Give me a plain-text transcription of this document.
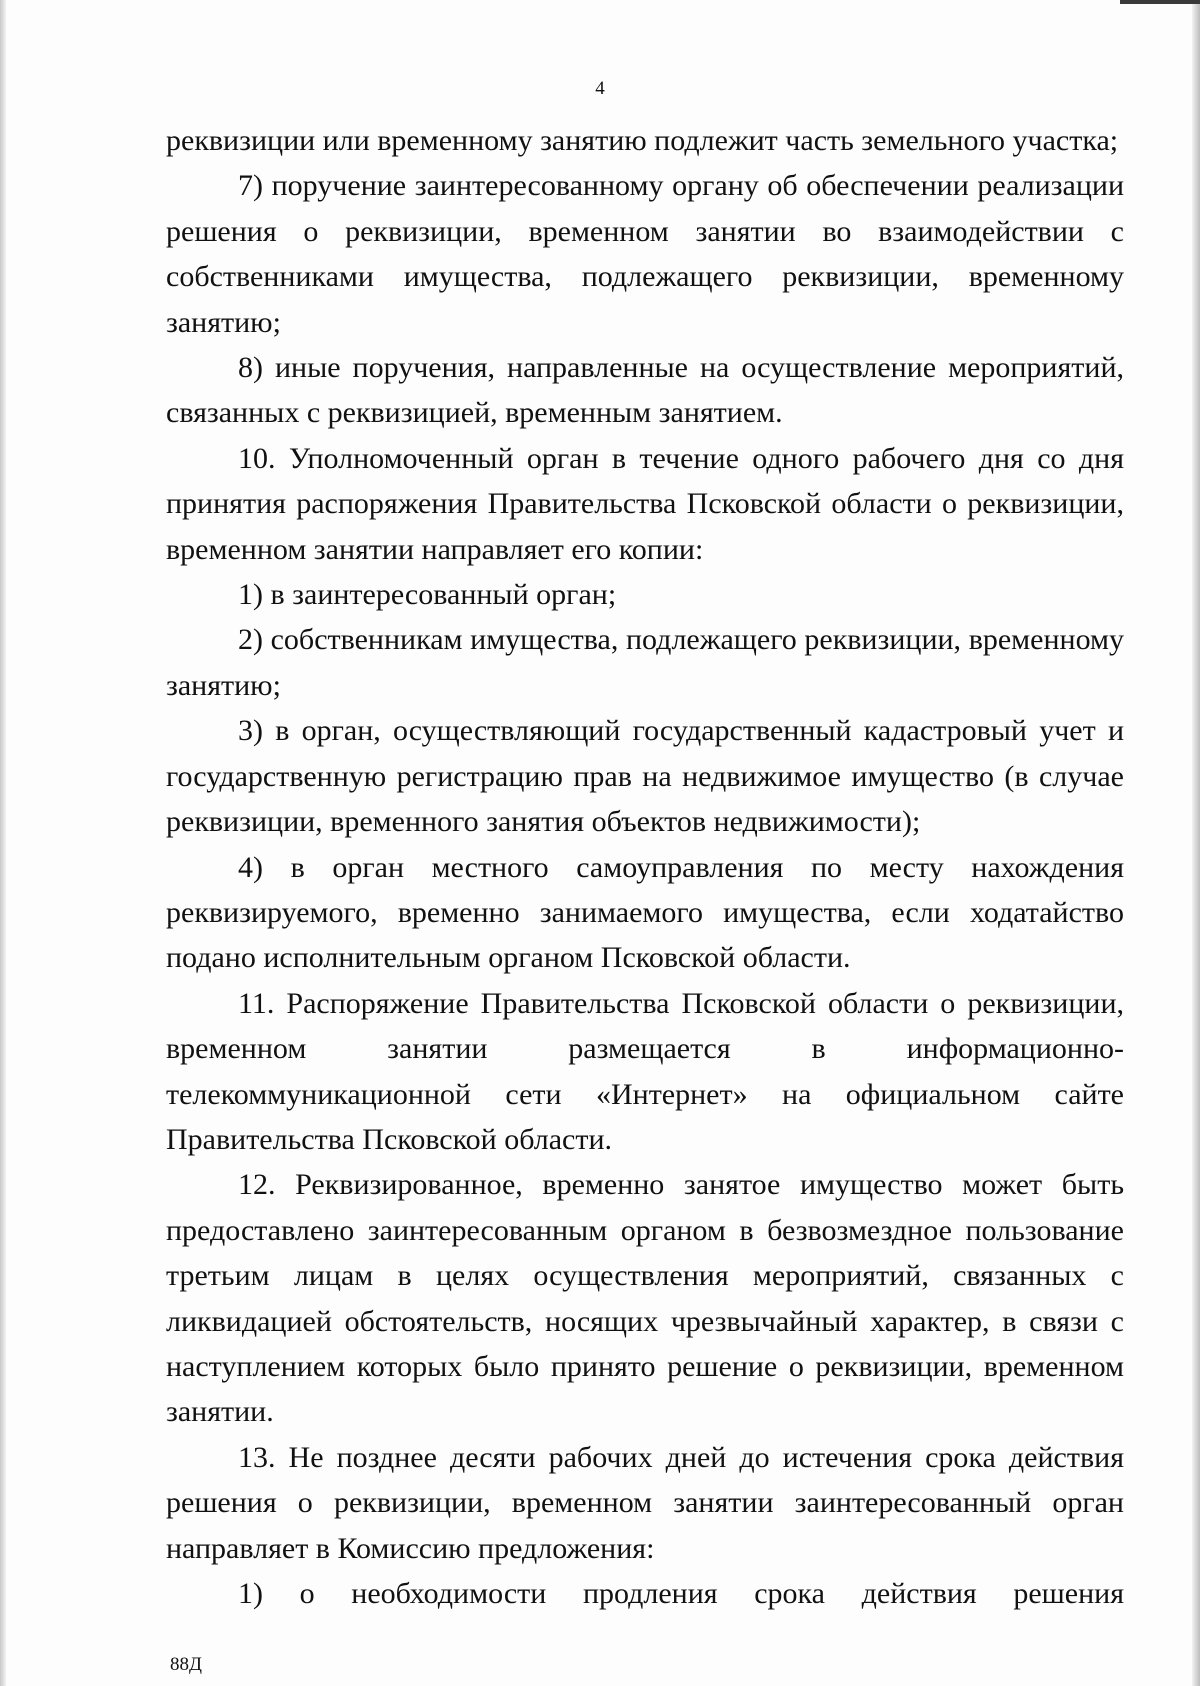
4

реквизиции или временному занятию подлежит часть земельного участка;

7) поручение заинтересованному органу об обеспечении реализации решения о реквизиции, временном занятии во взаимодействии с собственниками имущества, подлежащего реквизиции, временному занятию;

8) иные поручения, направленные на осуществление мероприятий, связанных с реквизицией, временным занятием.

10. Уполномоченный орган в течение одного рабочего дня со дня принятия распоряжения Правительства Псковской области о реквизиции, временном занятии направляет его копии:

1) в заинтересованный орган;

2) собственникам имущества, подлежащего реквизиции, временному занятию;

3) в орган, осуществляющий государственный кадастровый учет и государственную регистрацию прав на недвижимое имущество (в случае реквизиции, временного занятия объектов недвижимости);

4) в орган местного самоуправления по месту нахождения реквизируемого, временно занимаемого имущества, если ходатайство подано исполнительным органом Псковской области.

11. Распоряжение Правительства Псковской области о реквизиции, временном занятии размещается в информационно-телекоммуникационной сети «Интернет» на официальном сайте Правительства Псковской области.

12. Реквизированное, временно занятое имущество может быть предоставлено заинтересованным органом в безвозмездное пользование третьим лицам в целях осуществления мероприятий, связанных с ликвидацией обстоятельств, носящих чрезвычайный характер, в связи с наступлением которых было принято решение о реквизиции, временном занятии.

13. Не позднее десяти рабочих дней до истечения срока действия решения о реквизиции, временном занятии заинтересованный орган направляет в Комиссию предложения:

1) о необходимости продления срока действия решения

88Д
